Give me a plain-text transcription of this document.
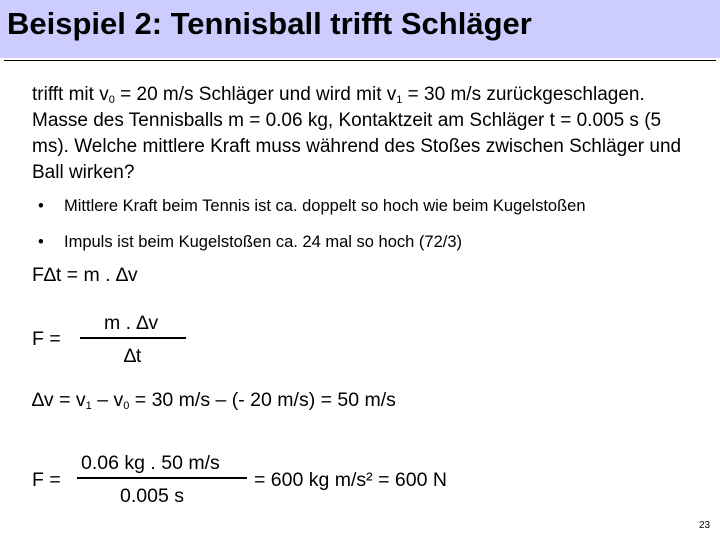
Beispiel 2: Tennisball trifft Schläger
trifft mit $v_0 = 20$ m/s Schläger und wird mit $v_1 = 30$ m/s zurückgeschlagen. Masse des Tennisballs m = 0.06 kg, Kontaktzeit am Schläger t = 0.005 s (5 ms). Welche mittlere Kraft muss während des Stoßes zwischen Schläger und Ball wirken?
• Mittlere Kraft beim Tennis ist ca. doppelt so hoch wie beim Kugelstoßen
• Impuls ist beim Kugelstoßen ca. 24 mal so hoch (72/3)
F∆t = m . ∆v
F =
m . ∆v
∆t
$\Delta v = v_1 - v_0 = 30$ m/s – (- 20 m/s) = 50 m/s
F =
0.06 kg . 50 m/s
0.005 s
= 600 kg m/s² = 600 N
23
